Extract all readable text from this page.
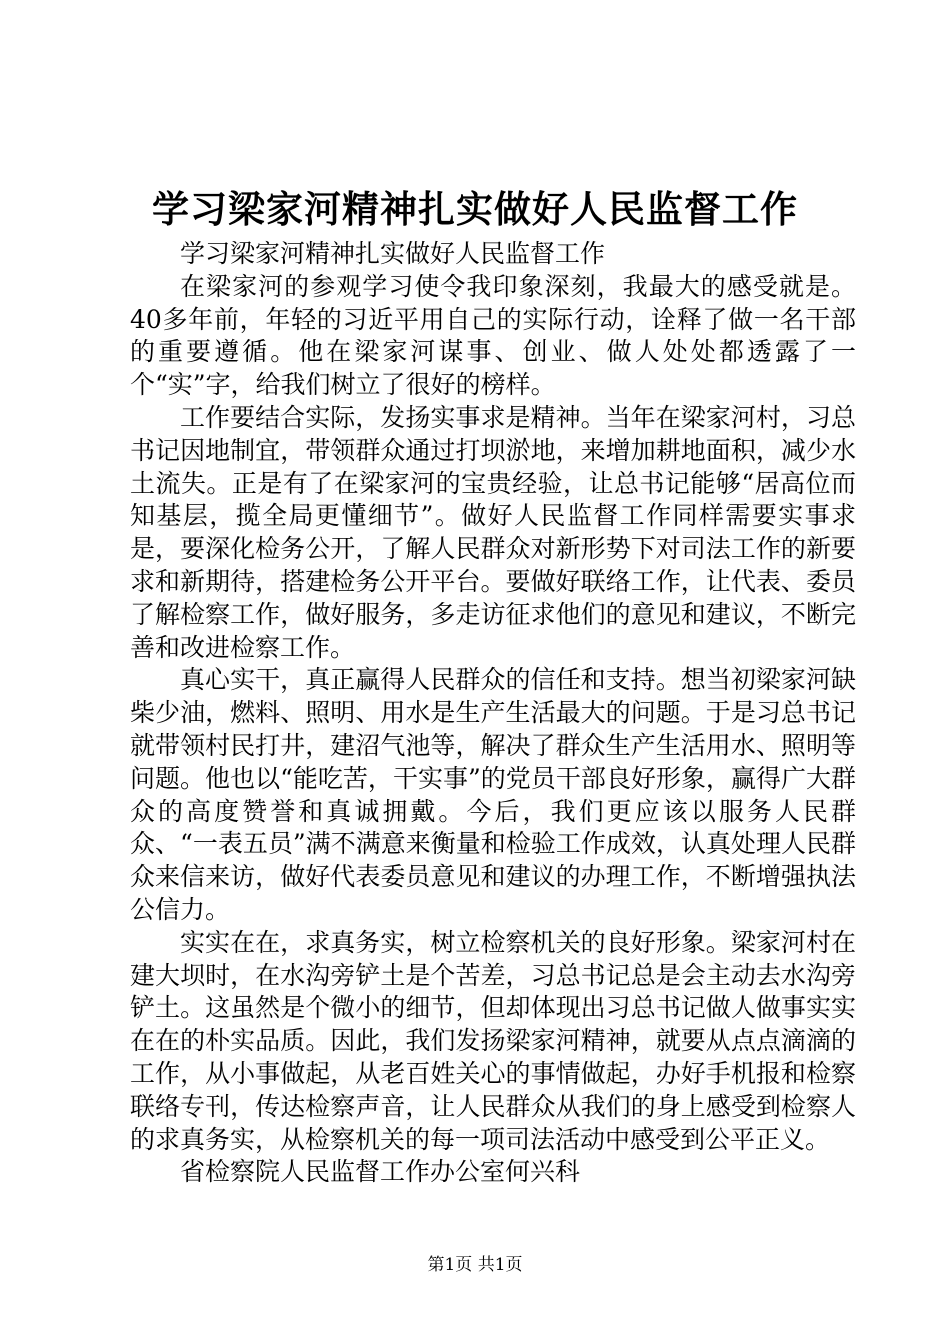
学习梁家河精神扎实做好人民监督工作

学习梁家河精神扎实做好人民监督工作

在梁家河的参观学习使令我印象深刻，我最大的感受就是。40多年前，年轻的习近平用自己的实际行动，诠释了做一名干部的重要遵循。他在梁家河谋事、创业、做人处处都透露了一个“实”字，给我们树立了很好的榜样。

工作要结合实际，发扬实事求是精神。当年在梁家河村，习总书记因地制宜，带领群众通过打坝淤地，来增加耕地面积，减少水土流失。正是有了在梁家河的宝贵经验，让总书记能够“居高位而知基层，揽全局更懂细节”。做好人民监督工作同样需要实事求是，要深化检务公开，了解人民群众对新形势下对司法工作的新要求和新期待，搭建检务公开平台。要做好联络工作，让代表、委员了解检察工作，做好服务，多走访征求他们的意见和建议，不断完善和改进检察工作。

真心实干，真正赢得人民群众的信任和支持。想当初梁家河缺柴少油，燃料、照明、用水是生产生活最大的问题。于是习总书记就带领村民打井，建沼气池等，解决了群众生产生活用水、照明等问题。他也以“能吃苦，干实事”的党员干部良好形象，赢得广大群众的高度赞誉和真诚拥戴。今后，我们更应该以服务人民群众、“一表五员”满不满意来衡量和检验工作成效，认真处理人民群众来信来访，做好代表委员意见和建议的办理工作，不断增强执法公信力。

实实在在，求真务实，树立检察机关的良好形象。梁家河村在建大坝时，在水沟旁铲土是个苦差，习总书记总是会主动去水沟旁铲土。这虽然是个微小的细节，但却体现出习总书记做人做事实实在在的朴实品质。因此，我们发扬梁家河精神，就要从点点滴滴的工作，从小事做起，从老百姓关心的事情做起，办好手机报和检察联络专刊，传达检察声音，让人民群众从我们的身上感受到检察人的求真务实，从检察机关的每一项司法活动中感受到公平正义。

省检察院人民监督工作办公室何兴科

第1页 共1页
